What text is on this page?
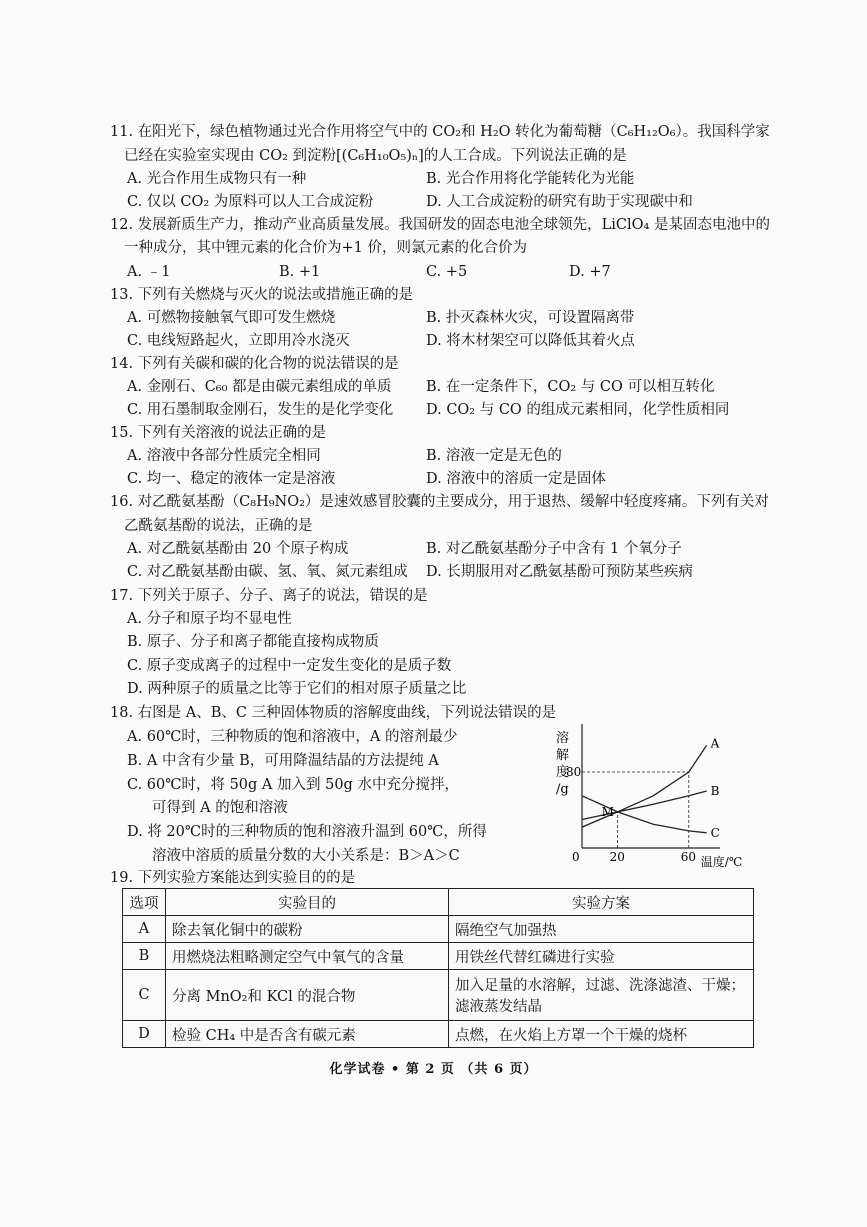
11. 在阳光下，绿色植物通过光合作用将空气中的 CO₂和 H₂O 转化为葡萄糖（C₆H₁₂O₆）。我国科学家
已经在实验室实现由 CO₂ 到淀粉[(C₆H₁₀O₅)ₙ]的人工合成。下列说法正确的是
A. 光合作用生成物只有一种	B. 光合作用将化学能转化为光能
C. 仅以 CO₂ 为原料可以人工合成淀粉	D. 人工合成淀粉的研究有助于实现碳中和
12. 发展新质生产力，推动产业高质量发展。我国研发的固态电池全球领先，LiClO₄ 是某固态电池中的
一种成分，其中锂元素的化合价为+1 价，则氯元素的化合价为
A. ﹣1	B. +1	C. +5	D. +7
13. 下列有关燃烧与灭火的说法或措施正确的是
A. 可燃物接触氧气即可发生燃烧	B. 扑灭森林火灾，可设置隔离带
C. 电线短路起火，立即用冷水浇灭	D. 将木材架空可以降低其着火点
14. 下列有关碳和碳的化合物的说法错误的是
A. 金刚石、C₆₀ 都是由碳元素组成的单质 B. 在一定条件下，CO₂ 与 CO 可以相互转化
C. 用石墨制取金刚石，发生的是化学变化 D. CO₂ 与 CO 的组成元素相同，化学性质相同
15. 下列有关溶液的说法正确的是
A. 溶液中各部分性质完全相同	B. 溶液一定是无色的
C. 均一、稳定的液体一定是溶液	D. 溶液中的溶质一定是固体
16. 对乙酰氨基酚（C₈H₉NO₂）是速效感冒胶囊的主要成分，用于退热、缓解中轻度疼痛。下列有关对
乙酰氨基酚的说法，正确的是
A. 对乙酰氨基酚由 20 个原子构成	B. 对乙酰氨基酚分子中含有 1 个氧分子
C. 对乙酰氨基酚由碳、氢、氧、氮元素组成 D. 长期服用对乙酰氨基酚可预防某些疾病
17. 下列关于原子、分子、离子的说法，错误的是
A. 分子和原子均不显电性
B. 原子、分子和离子都能直接构成物质
C. 原子变成离子的过程中一定发生变化的是质子数
D. 两种原子的质量之比等于它们的相对原子质量之比
18. 右图是 A、B、C 三种固体物质的溶解度曲线，下列说法错误的是
A. 60℃时，三种物质的饱和溶液中，A 的溶剂最少
B. A 中含有少量 B，可用降温结晶的方法提纯 A
C. 60℃时，将 50g A 加入到 50g 水中充分搅拌，
可得到 A 的饱和溶液
D. 将 20℃时的三种物质的饱和溶液升温到 60℃，所得
溶液中溶质的质量分数的大小关系是：B＞A＞C
溶
解
度
/g
80
0 20	60 温度/℃
A
B
C
M
19. 下列实验方案能达到实验目的的是
选项	实验目的	实验方案
A	除去氧化铜中的碳粉	隔绝空气加强热
B	用燃烧法粗略测定空气中氧气的含量	用铁丝代替红磷进行实验
C	分离 MnO₂和 KCl 的混合物	加入足量的水溶解，过滤、洗涤滤渣、干燥；
滤液蒸发结晶

D	检验 CH₄ 中是否含有碳元素	点燃，在火焰上方罩一个干燥的烧杯
化学试卷 • 第 2 页 （共 6 页）
